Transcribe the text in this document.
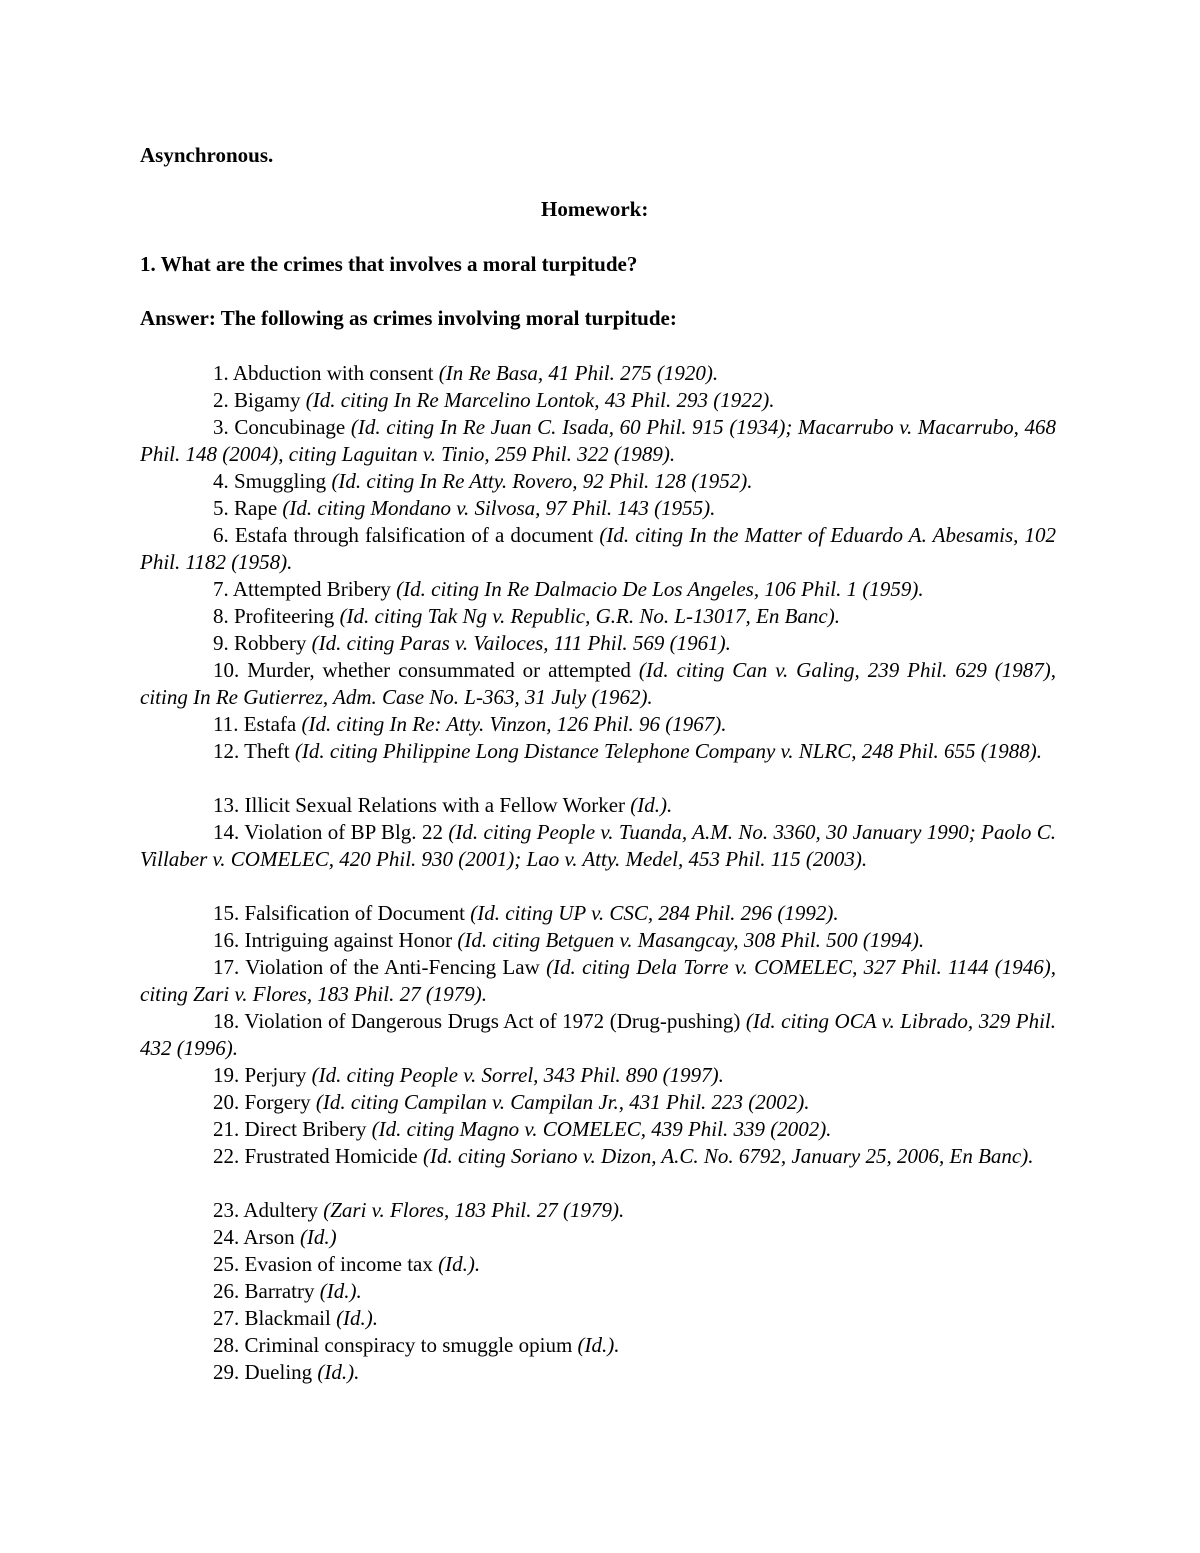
Asynchronous.
Homework:
1. What are the crimes that involves a moral turpitude?
Answer: The following as crimes involving moral turpitude:
1. Abduction with consent (In Re Basa, 41 Phil. 275 (1920).
2. Bigamy (Id. citing In Re Marcelino Lontok, 43 Phil. 293 (1922).
3. Concubinage (Id. citing In Re Juan C. Isada, 60 Phil. 915 (1934); Macarrubo v. Macarrubo, 468 Phil. 148 (2004), citing Laguitan v. Tinio, 259 Phil. 322 (1989).
4. Smuggling (Id. citing In Re Atty. Rovero, 92 Phil. 128 (1952).
5. Rape (Id. citing Mondano v. Silvosa, 97 Phil. 143 (1955).
6. Estafa through falsification of a document (Id. citing In the Matter of Eduardo A. Abesamis, 102 Phil. 1182 (1958).
7. Attempted Bribery (Id. citing In Re Dalmacio De Los Angeles, 106 Phil. 1 (1959).
8. Profiteering (Id. citing Tak Ng v. Republic, G.R. No. L-13017, En Banc).
9. Robbery (Id. citing Paras v. Vailoces, 111 Phil. 569 (1961).
10. Murder, whether consummated or attempted (Id. citing Can v. Galing, 239 Phil. 629 (1987), citing In Re Gutierrez, Adm. Case No. L-363, 31 July (1962).
11. Estafa (Id. citing In Re: Atty. Vinzon, 126 Phil. 96 (1967).
12. Theft (Id. citing Philippine Long Distance Telephone Company v. NLRC, 248 Phil. 655 (1988).
13. Illicit Sexual Relations with a Fellow Worker (Id.).
14. Violation of BP Blg. 22 (Id. citing People v. Tuanda, A.M. No. 3360, 30 January 1990; Paolo C. Villaber v. COMELEC, 420 Phil. 930 (2001); Lao v. Atty. Medel, 453 Phil. 115 (2003).
15. Falsification of Document (Id. citing UP v. CSC, 284 Phil. 296 (1992).
16. Intriguing against Honor (Id. citing Betguen v. Masangcay, 308 Phil. 500 (1994).
17. Violation of the Anti-Fencing Law (Id. citing Dela Torre v. COMELEC, 327 Phil. 1144 (1946), citing Zari v. Flores, 183 Phil. 27 (1979).
18. Violation of Dangerous Drugs Act of 1972 (Drug-pushing) (Id. citing OCA v. Librado, 329 Phil. 432 (1996).
19. Perjury (Id. citing People v. Sorrel, 343 Phil. 890 (1997).
20. Forgery (Id. citing Campilan v. Campilan Jr., 431 Phil. 223 (2002).
21. Direct Bribery (Id. citing Magno v. COMELEC, 439 Phil. 339 (2002).
22. Frustrated Homicide (Id. citing Soriano v. Dizon, A.C. No. 6792, January 25, 2006, En Banc).
23. Adultery (Zari v. Flores, 183 Phil. 27 (1979).
24. Arson (Id.)
25. Evasion of income tax (Id.).
26. Barratry (Id.).
27. Blackmail (Id.).
28. Criminal conspiracy to smuggle opium (Id.).
29. Dueling (Id.).
